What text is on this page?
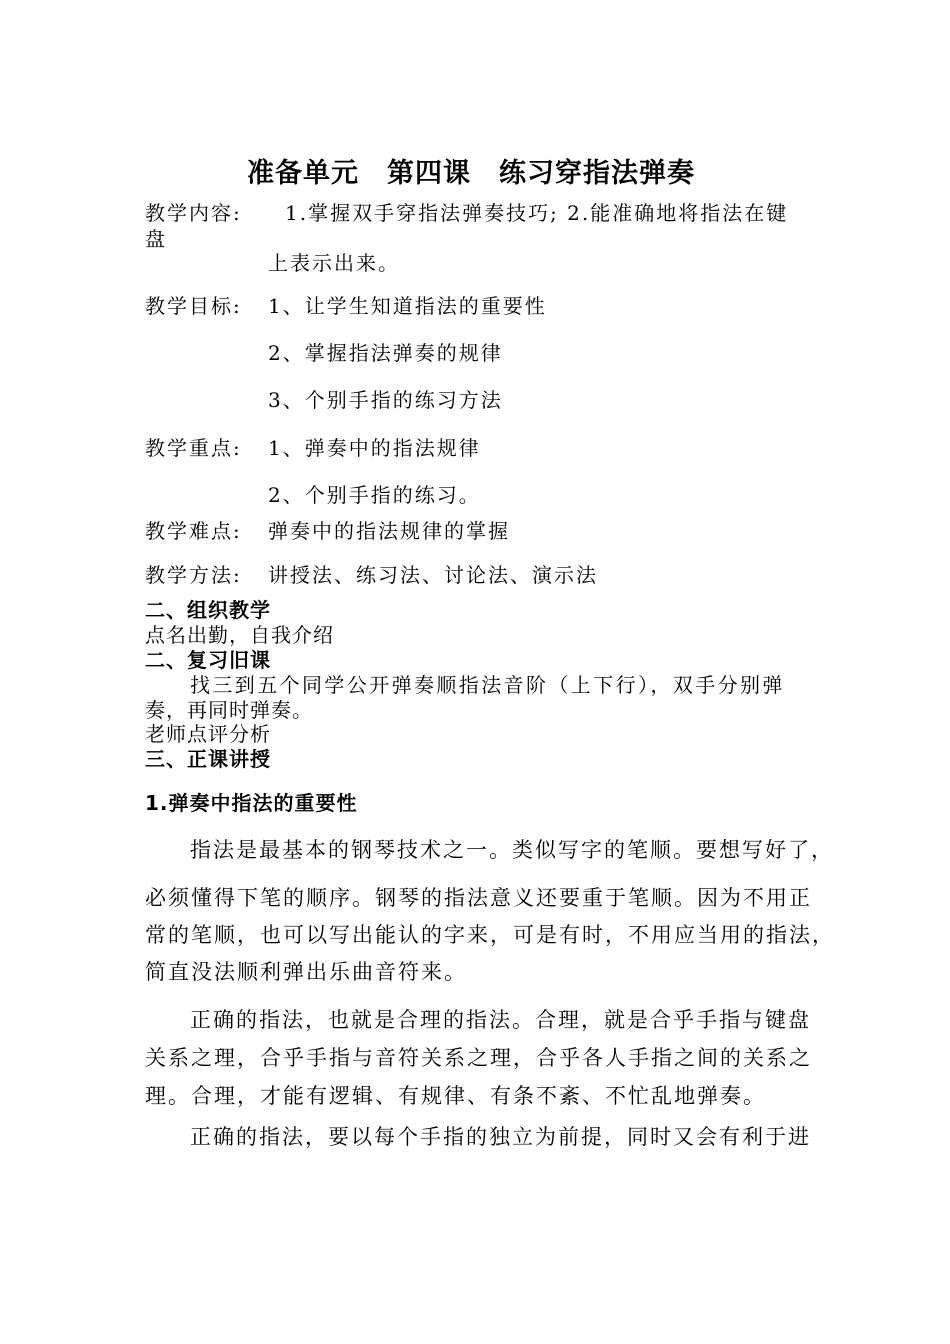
准备单元　第四课　练习穿指法弹奏
教学内容: 1.掌握双手穿指法弹奏技巧; 2.能准确地将指法在键
盘
上表示出来。
教学目标: 1、让学生知道指法的重要性
2、掌握指法弹奏的规律
3、个别手指的练习方法
教学重点: 1、弹奏中的指法规律
2、个别手指的练习。
教学难点: 弹奏中的指法规律的掌握
教学方法: 讲授法、练习法、讨论法、演示法
二、组织教学
点名出勤，自我介绍
二、复习旧课
找三到五个同学公开弹奏顺指法音阶（上下行），双手分别弹
奏，再同时弹奏。
老师点评分析
三、正课讲授
1.弹奏中指法的重要性
指法是最基本的钢琴技术之一。类似写字的笔顺。要想写好了，
必须懂得下笔的顺序。钢琴的指法意义还要重于笔顺。因为不用正
常的笔顺，也可以写出能认的字来，可是有时，不用应当用的指法，
简直没法顺利弹出乐曲音符来。
正确的指法，也就是合理的指法。合理，就是合乎手指与键盘
关系之理，合乎手指与音符关系之理，合乎各人手指之间的关系之
理。合理，才能有逻辑、有规律、有条不紊、不忙乱地弹奏。
正确的指法，要以每个手指的独立为前提，同时又会有利于进
